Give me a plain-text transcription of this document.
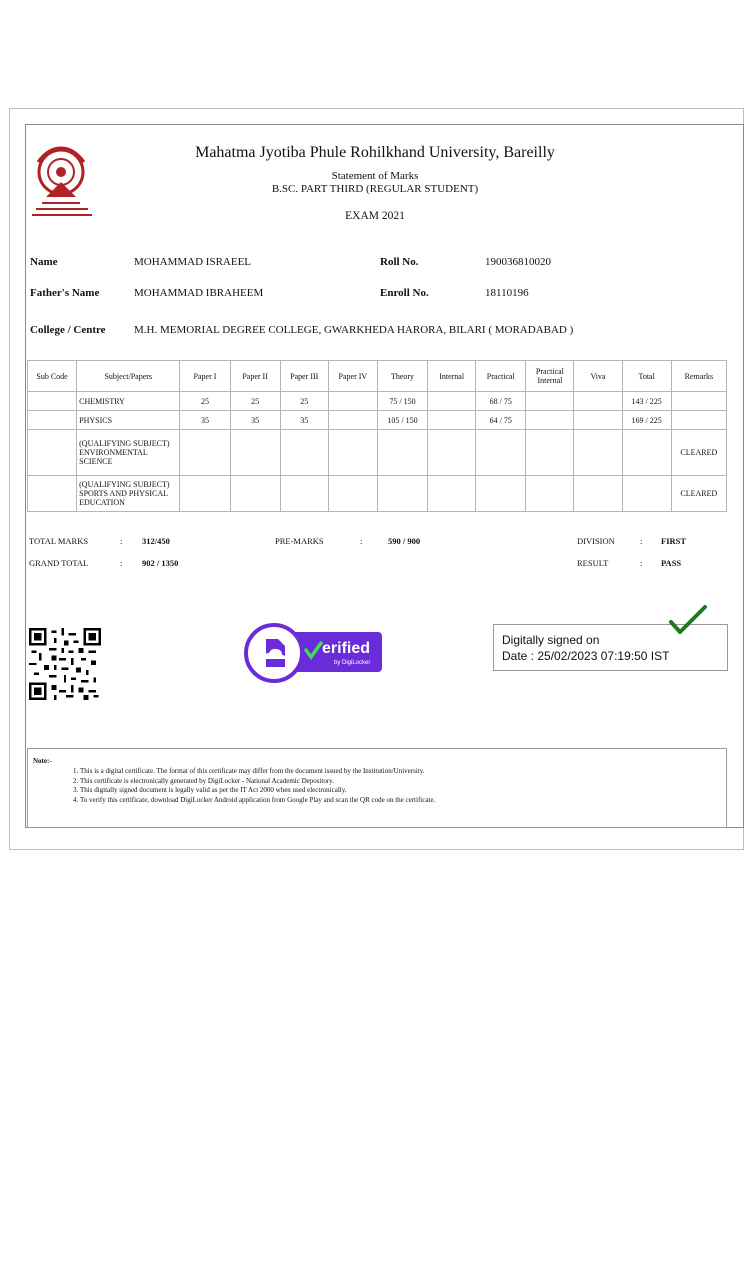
Mahatma Jyotiba Phule Rohilkhand University, Bareilly
Statement of Marks
B.SC. PART THIRD (REGULAR STUDENT)
EXAM 2021
Name	MOHAMMAD ISRAEEL	Roll No.	190036810020
Father's Name	MOHAMMAD IBRAHEEM	Enroll No.	18110196
College / Centre	M.H. MEMORIAL DEGREE COLLEGE, GWARKHEDA HARORA, BILARI ( MORADABAD )
Sub Code	Subject/Papers	Paper I	Paper II	Paper III	Paper IV	Theory	Internal	Practical	Practical Internal	Viva	Total	Remarks
	CHEMISTRY	25	25	25		75 / 150		68 / 75			143 / 225	
	PHYSICS	35	35	35		105 / 150		64 / 75			169 / 225	
	(QUALIFYING SUBJECT) ENVIRONMENTAL SCIENCE											CLEARED
	(QUALIFYING SUBJECT) SPORTS AND PHYSICAL EDUCATION											CLEARED
TOTAL MARKS	: 312/450	PRE-MARKS	:	590 / 900	DIVISION	: FIRST
GRAND TOTAL	: 902 / 1350	RESULT	: PASS
erified
by DigiLocker
Digitally signed on
Date : 25/02/2023 07:19:50 IST
Note:-
1. This is a digital certificate. The format of this certificate may differ from the document issued by the Institution/University.
2. This certificate is electronically generated by DigiLocker - National Academic Depository.
3. This digitally signed document is legally valid as per the IT Act 2000 when used electronically.
4. To verify this certificate, download DigiLocker Android application from Google Play and scan the QR code on the certificate.
